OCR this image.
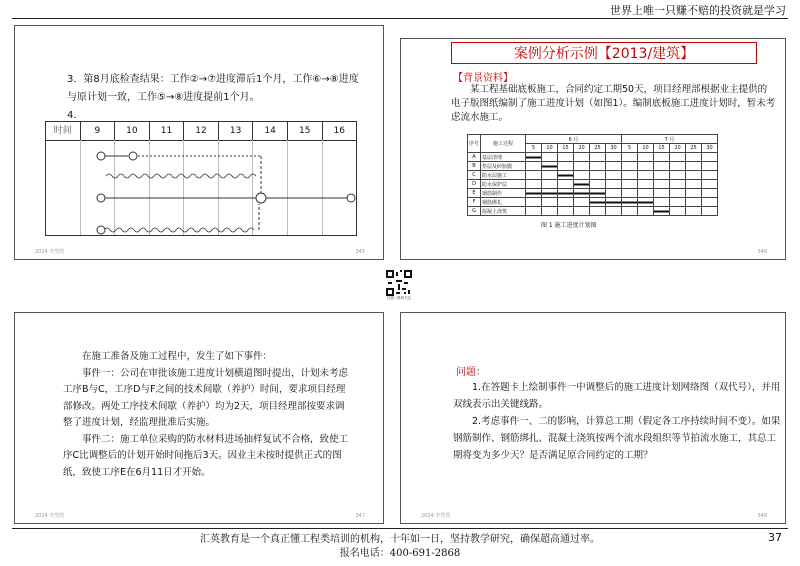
世界上唯一只赚不赔的投资就是学习

3．第8月底检查结果：工作②→⑦进度滞后1个月，工作⑥→⑧进度与原计划一致，工作⑤→⑧进度提前1个月。

4．

时间	9	10	11	12	13	14	15	16
2024·李然然	345
案例分析示例【2013/建筑】
【背景资料】

某工程基础底板施工，合同约定工期50天，项目经理部根据业主提供的电子版图纸编制了施工进度计划（如图1）。编制底板施工进度计划时，暂未考虑流水施工。

序号	施工过程	6 月						7 月					
		5	10	15	20	25	30	5	10	15	20	25	30
A	基层清理												
B	垫层及砖胎膜												
C	防水层施工												
D	防水保护层												
E	钢筋制作												
F	钢筋绑扎												
G	混凝土浇筑												
图 1 施工进度计划图
346
扫描二维码关注

在施工准备及施工过程中，发生了如下事件：

事件一：公司在审批该施工进度计划横道图时提出，计划未考虑工序B与C，工序D与F之间的技术间歇（养护）时间，要求项目经理部修改。两处工序技术间歇（养护）均为2天，项目经理部按要求调整了进度计划，经监理批准后实施。

事件二：施工单位采购的防水材料进场抽样复试不合格，致使工序C比调整后的计划开始时间拖后3天。因业主未按时提供正式的图纸，致使工序E在6月11日才开始。

2024·李然然	347
问题：

1.在答题卡上绘制事件一中调整后的施工进度计划网络图（双代号），并用双线表示出关键线路。

2.考虑事件一、二的影响，计算总工期（假定各工序持续时间不变）。如果钢筋制作、钢筋绑扎、混凝土浇筑按两个流水段组织等节拍流水施工，其总工期将变为多少天？是否满足原合同约定的工期？

2024·李然然	348
汇英教育是一个真正懂工程类培训的机构，十年如一日，坚持教学研究，确保超高通过率。
报名电话：400-691-2868
37
